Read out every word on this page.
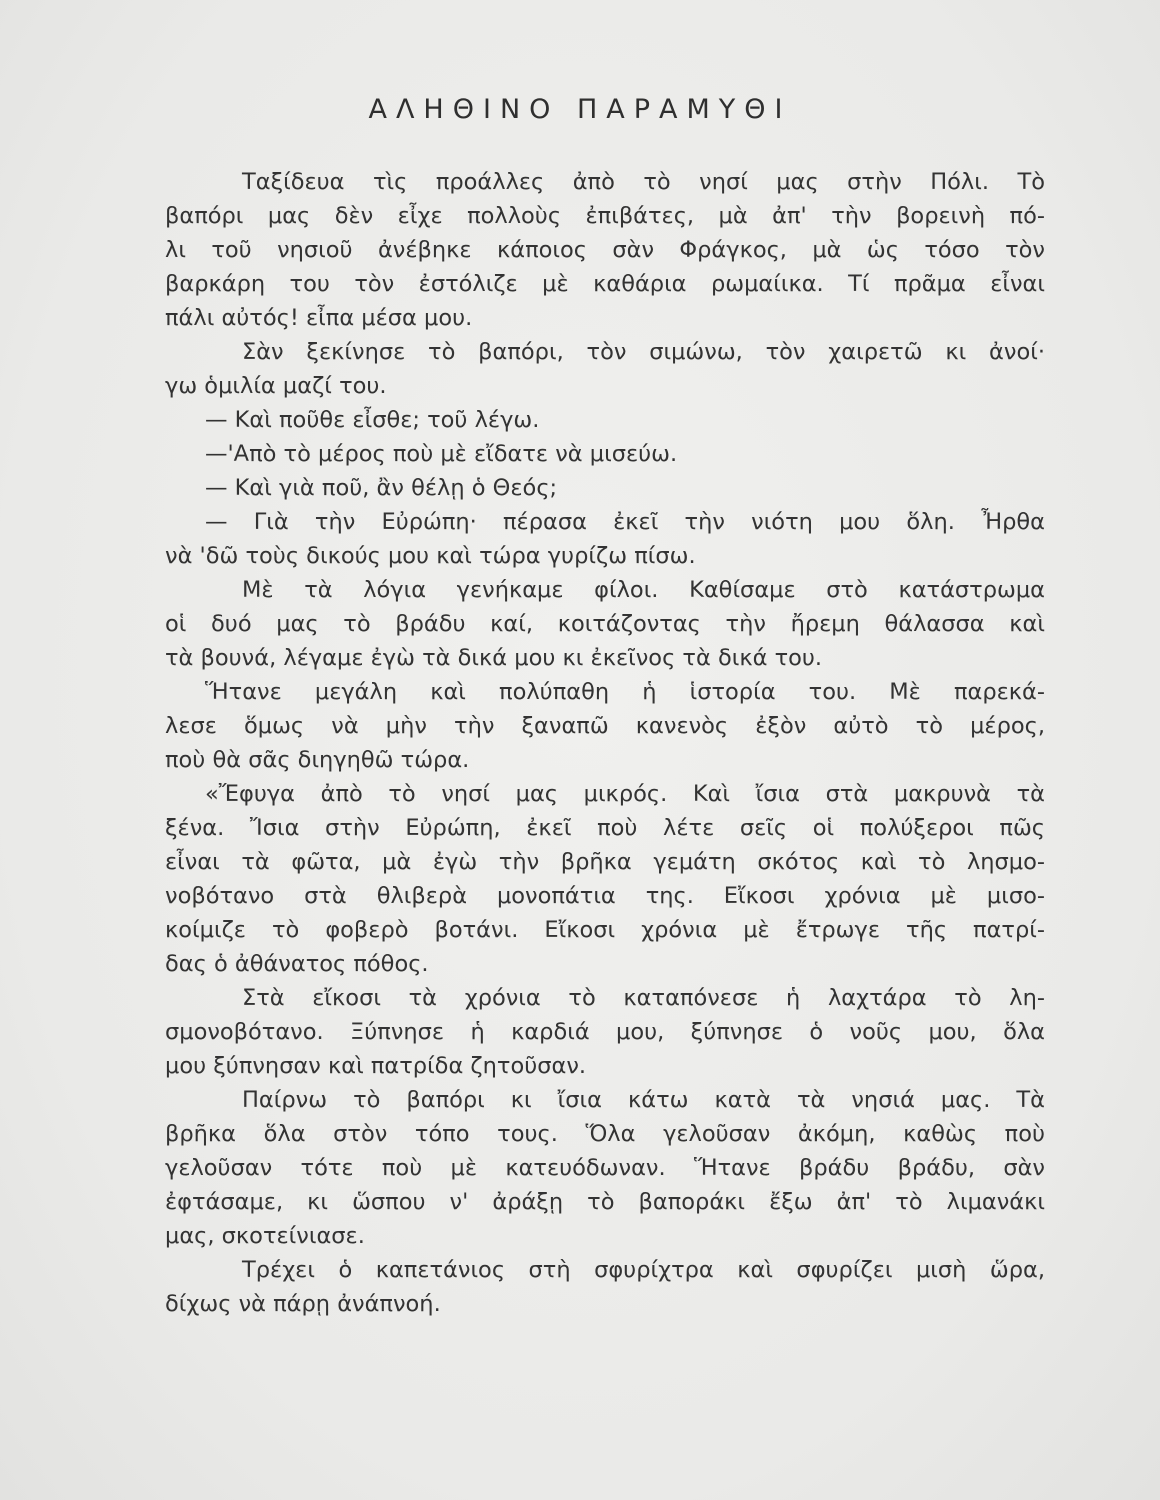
ΑΛΗΘΙΝΟ ΠΑΡΑΜΥΘΙ
Ταξίδευα τὶς προάλλες ἀπὸ τὸ νησί μας στὴν Πόλι. Τὸ
βαπόρι μας δὲν εἶχε πολλοὺς ἐπιβάτες, μὰ ἀπ' τὴν βορεινὴ πό-
λι τοῦ νησιοῦ ἀνέβηκε κάποιος σὰν Φράγκος, μὰ ὡς τόσο τὸν
βαρκάρη του τὸν ἐστόλιζε μὲ καθάρια ρωμαίικα. Τί πρᾶμα εἶναι
πάλι αὐτός! εἶπα μέσα μου.
Σὰν ξεκίνησε τὸ βαπόρι, τὸν σιμώνω, τὸν χαιρετῶ κι ἀνοί·
γω ὁμιλία μαζί του.
— Καὶ ποῦθε εἶσθε; τοῦ λέγω.
—'Απὸ τὸ μέρος ποὺ μὲ εἴδατε νὰ μισεύω.
— Καὶ γιὰ ποῦ, ἂν θέλῃ ὁ Θεός;
— Γιὰ τὴν Εὐρώπη· πέρασα ἐκεῖ τὴν νιότη μου ὅλη. Ἦρθα
νὰ 'δῶ τοὺς δικούς μου καὶ τώρα γυρίζω πίσω.
Μὲ τὰ λόγια γενήκαμε φίλοι. Καθίσαμε στὸ κατάστρωμα
οἱ δυό μας τὸ βράδυ καί, κοιτάζοντας τὴν ἤρεμη θάλασσα καὶ
τὰ βουνά, λέγαμε ἐγὼ τὰ δικά μου κι ἐκεῖνος τὰ δικά του.
Ἥτανε μεγάλη καὶ πολύπαθη ἡ ἱστορία του. Μὲ παρεκά-
λεσε ὅμως νὰ μὴν τὴν ξαναπῶ κανενὸς ἐξὸν αὐτὸ τὸ μέρος,
ποὺ θὰ σᾶς διηγηθῶ τώρα.
«Ἔφυγα ἀπὸ τὸ νησί μας μικρός. Καὶ ἴσια στὰ μακρυνὰ τὰ
ξένα. Ἴσια στὴν Εὐρώπη, ἐκεῖ ποὺ λέτε σεῖς οἱ πολύξεροι πῶς
εἶναι τὰ φῶτα, μὰ ἐγὼ τὴν βρῆκα γεμάτη σκότος καὶ τὸ λησμο-
νοβότανο στὰ θλιβερὰ μονοπάτια της. Εἴκοσι χρόνια μὲ μισο-
κοίμιζε τὸ φοβερὸ βοτάνι. Εἴκοσι χρόνια μὲ ἔτρωγε τῆς πατρί-
δας ὁ ἀθάνατος πόθος.
Στὰ εἴκοσι τὰ χρόνια τὸ καταπόνεσε ἡ λαχτάρα τὸ λη-
σμονοβότανο. Ξύπνησε ἡ καρδιά μου, ξύπνησε ὁ νοῦς μου, ὅλα
μου ξύπνησαν καὶ πατρίδα ζητοῦσαν.
Παίρνω τὸ βαπόρι κι ἴσια κάτω κατὰ τὰ νησιά μας. Τὰ
βρῆκα ὅλα στὸν τόπο τους. Ὅλα γελοῦσαν ἀκόμη, καθὼς ποὺ
γελοῦσαν τότε ποὺ μὲ κατευόδωναν. Ἥτανε βράδυ βράδυ, σὰν
ἐφτάσαμε, κι ὥσπου ν' ἀράξῃ τὸ βαποράκι ἔξω ἀπ' τὸ λιμανάκι
μας, σκοτείνιασε.
Τρέχει ὁ καπετάνιος στὴ σφυρίχτρα καὶ σφυρίζει μισὴ ὥρα,
δίχως νὰ πάρῃ ἀνάπνοή.
